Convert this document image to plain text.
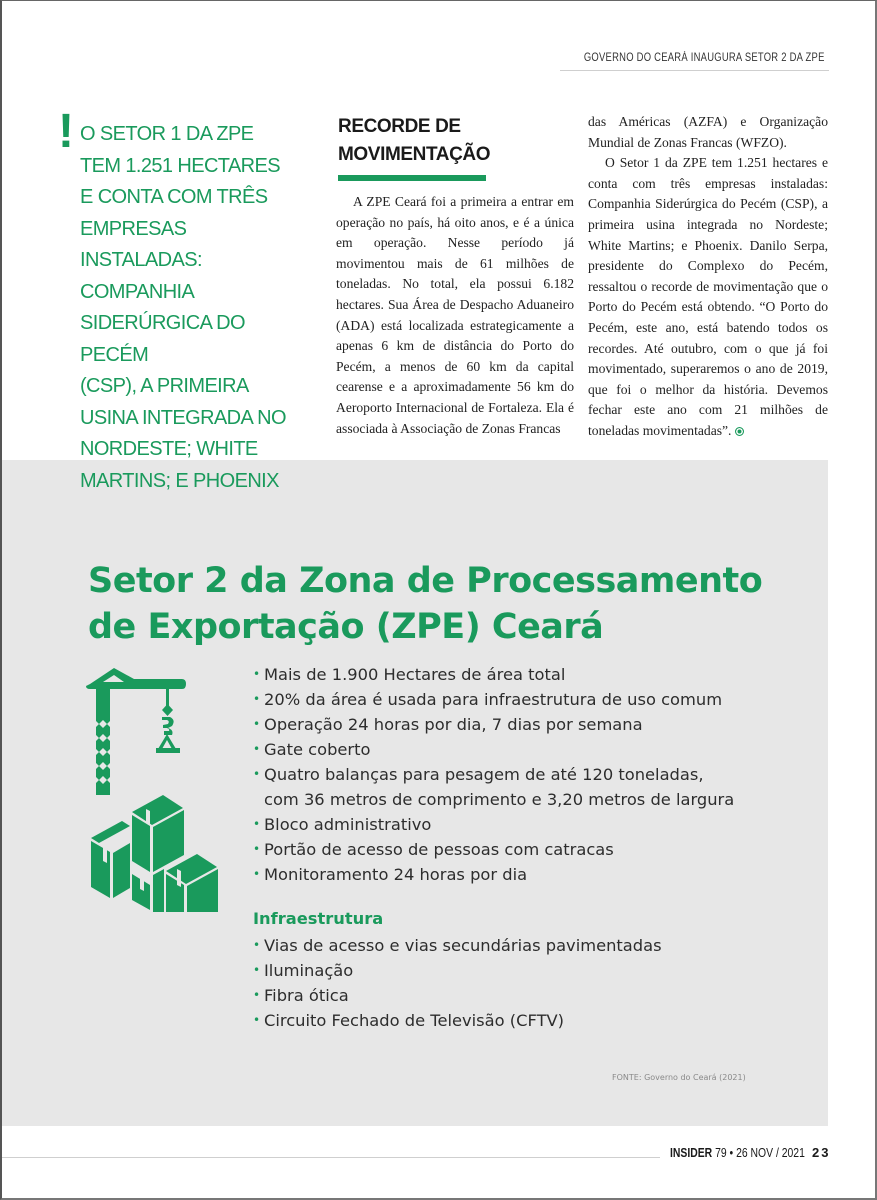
GOVERNO DO CEARÁ INAUGURA SETOR 2 DA ZPE
RECORDE DE
MOVIMENTAÇÃO

A ZPE Ceará foi a primeira a entrar em operação no país, há oito anos, e é a única em operação. Nesse período já movimentou mais de 61 milhões de toneladas. No total, ela possui 6.182 hectares. Sua Área de Despacho Aduaneiro (ADA) está localizada estrategicamente a apenas 6 km de distância do Porto do Pecém, a menos de 60 km da capital cearense e a aproximadamente 56 km do Aeroporto Internacional de Fortaleza. Ela é associada à Associação de Zonas Francas

das Américas (AZFA) e Organização Mundial de Zonas Francas (WFZO).

O Setor 1 da ZPE tem 1.251 hectares e conta com três empresas instaladas: Companhia Siderúrgica do Pecém (CSP), a primeira usina integrada no Nordeste; White Martins; e Phoenix. Danilo Serpa, presidente do Complexo do Pecém, ressaltou o recorde de movimentação que o Porto do Pecém está obtendo. “O Porto do Pecém, este ano, está batendo todos os recordes. Até outubro, com o que já foi movimentado, superaremos o ano de 2019, que foi o melhor da história. Devemos fechar este ano com 21 milhões de toneladas movimentadas”.

! O SETOR 1 DA ZPE
TEM 1.251 HECTARES
E CONTA COM TRÊS
EMPRESAS INSTALADAS:
COMPANHIA
SIDERÚRGICA DO PECÉM
(CSP), A PRIMEIRA
USINA INTEGRADA NO
NORDESTE; WHITE
MARTINS; E PHOENIX
Setor 2 da Zona de Processamento
de Exportação (ZPE) Ceará
• Mais de 1.900 Hectares de área total
• 20% da área é usada para infraestrutura de uso comum
• Operação 24 horas por dia, 7 dias por semana
• Gate coberto
• Quatro balanças para pesagem de até 120 toneladas,
com 36 metros de comprimento e 3,20 metros de largura
• Bloco administrativo
• Portão de acesso de pessoas com catracas
• Monitoramento 24 horas por dia
Infraestrutura
• Vias de acesso e vias secundárias pavimentadas
• Iluminação
• Fibra ótica
• Circuito Fechado de Televisão (CFTV)
FONTE: Governo do Ceará (2021)
INSIDER 79 • 26 NOV / 2021 23
